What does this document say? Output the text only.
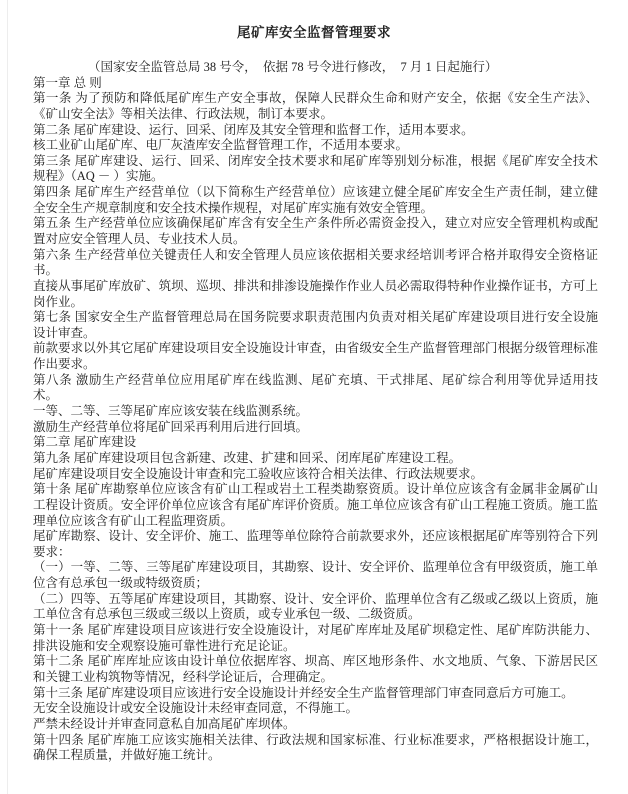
尾矿库安全监督管理要求

（国家安全监管总局 38 号令，　依据 78 号令进行修改，　7 月 1 日起施行）

第一章 总 则

第一条 为了预防和降低尾矿库生产安全事故，保障人民群众生命和财产安全，依据《安全生产法》、《矿山安全法》等相关法律、行政法规，制订本要求。

第二条 尾矿库建设、运行、回采、闭库及其安全管理和监督工作，适用本要求。

核工业矿山尾矿库、电厂灰渣库安全监督管理工作，不适用本要求。

第三条 尾矿库建设、运行、回采、闭库安全技术要求和尾矿库等别划分标准，根据《尾矿库安全技术规程》（AQ － ）实施。

第四条 尾矿库生产经营单位（以下简称生产经营单位）应该建立健全尾矿库安全生产责任制，建立健全安全生产规章制度和安全技术操作规程，对尾矿库实施有效安全管理。

第五条 生产经营单位应该确保尾矿库含有安全生产条件所必需资金投入，建立对应安全管理机构或配置对应安全管理人员、专业技术人员。

第六条 生产经营单位关键责任人和安全管理人员应该依据相关要求经培训考评合格并取得安全资格证书。

直接从事尾矿库放矿、筑坝、巡坝、排洪和排渗设施操作作业人员必需取得特种作业操作证书，方可上岗作业。

第七条 国家安全生产监督管理总局在国务院要求职责范围内负责对相关尾矿库建设项目进行安全设施设计审查。

前款要求以外其它尾矿库建设项目安全设施设计审查，由省级安全生产监督管理部门根据分级管理标准作出要求。

第八条 激励生产经营单位应用尾矿库在线监测、尾矿充填、干式排尾、尾矿综合利用等优异适用技术。

一等、二等、三等尾矿库应该安装在线监测系统。

激励生产经营单位将尾矿回采再利用后进行回填。

第二章 尾矿库建设

第九条 尾矿库建设项目包含新建、改建、扩建和回采、闭库尾矿库建设工程。

尾矿库建设项目安全设施设计审查和完工验收应该符合相关法律、行政法规要求。

第十条 尾矿库勘察单位应该含有矿山工程或岩土工程类勘察资质。设计单位应该含有金属非金属矿山工程设计资质。安全评价单位应该含有尾矿库评价资质。施工单位应该含有矿山工程施工资质。施工监理单位应该含有矿山工程监理资质。

尾矿库勘察、设计、安全评价、施工、监理等单位除符合前款要求外，还应该根据尾矿库等别符合下列要求：

（一）一等、二等、三等尾矿库建设项目，其勘察、设计、安全评价、监理单位含有甲级资质，施工单位含有总承包一级或特级资质；

（二）四等、五等尾矿库建设项目，其勘察、设计、安全评价、监理单位含有乙级或乙级以上资质，施工单位含有总承包三级或三级以上资质，或专业承包一级、二级资质。

第十一条 尾矿库建设项目应该进行安全设施设计，对尾矿库库址及尾矿坝稳定性、尾矿库防洪能力、排洪设施和安全观察设施可靠性进行充足论证。

第十二条 尾矿库库址应该由设计单位依据库容、坝高、库区地形条件、水文地质、气象、下游居民区和关键工业构筑物等情况，经科学论证后，合理确定。

第十三条 尾矿库建设项目应该进行安全设施设计并经安全生产监督管理部门审查同意后方可施工。

无安全设施设计或安全设施设计未经审查同意，不得施工。

严禁未经设计并审查同意私自加高尾矿库坝体。

第十四条 尾矿库施工应该实施相关法律、行政法规和国家标准、行业标准要求，严格根据设计施工，确保工程质量，并做好施工统计。
